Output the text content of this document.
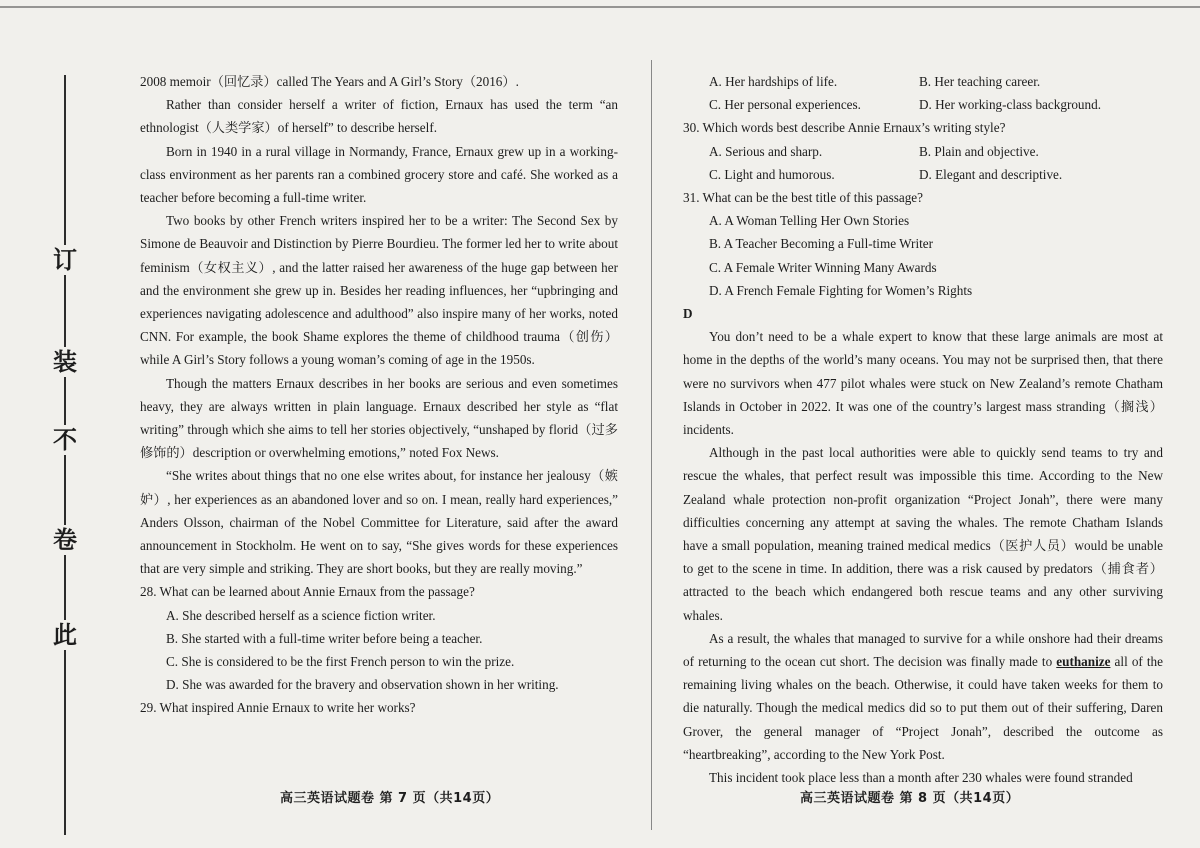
订
装
不
卷
此

2008 memoir（回忆录）called The Years and A Girl’s Story（2016）.

Rather than consider herself a writer of fiction, Ernaux has used the term “an ethnologist（人类学家）of herself” to describe herself.

Born in 1940 in a rural village in Normandy, France, Ernaux grew up in a working-class environment as her parents ran a combined grocery store and café. She worked as a teacher before becoming a full-time writer.

Two books by other French writers inspired her to be a writer: The Second Sex by Simone de Beauvoir and Distinction by Pierre Bourdieu. The former led her to write about feminism（女权主义）, and the latter raised her awareness of the huge gap between her and the environment she grew up in. Besides her reading influences, her “upbringing and experiences navigating adolescence and adulthood” also inspire many of her works, noted CNN. For example, the book Shame explores the theme of childhood trauma（创伤）while A Girl’s Story follows a young woman’s coming of age in the 1950s.

Though the matters Ernaux describes in her books are serious and even sometimes heavy, they are always written in plain language. Ernaux described her style as “flat writing” through which she aims to tell her stories objectively, “unshaped by florid（过多修饰的）description or overwhelming emotions,” noted Fox News.

“She writes about things that no one else writes about, for instance her jealousy（嫉妒）, her experiences as an abandoned lover and so on. I mean, really hard experiences,” Anders Olsson, chairman of the Nobel Committee for Literature, said after the award announcement in Stockholm. He went on to say, “She gives words for these experiences that are very simple and striking. They are short books, but they are really moving.”

28. What can be learned about Annie Ernaux from the passage?

A. She described herself as a science fiction writer.

B. She started with a full-time writer before being a teacher.

C. She is considered to be the first French person to win the prize.

D. She was awarded for the bravery and observation shown in her writing.

29. What inspired Annie Ernaux to write her works?

A. Her hardships of life.	B. Her teaching career.
C. Her personal experiences.	D. Her working-class background.

30. Which words best describe Annie Ernaux’s writing style?

A. Serious and sharp.	B. Plain and objective.
C. Light and humorous.	D. Elegant and descriptive.

31. What can be the best title of this passage?

A. A Woman Telling Her Own Stories

B. A Teacher Becoming a Full-time Writer

C. A Female Writer Winning Many Awards

D. A French Female Fighting for Women’s Rights

D

You don’t need to be a whale expert to know that these large animals are most at home in the depths of the world’s many oceans. You may not be surprised then, that there were no survivors when 477 pilot whales were stuck on New Zealand’s remote Chatham Islands in October in 2022. It was one of the country’s largest mass stranding（搁浅）incidents.

Although in the past local authorities were able to quickly send teams to try and rescue the whales, that perfect result was impossible this time. According to the New Zealand whale protection non-profit organization “Project Jonah”, there were many difficulties concerning any attempt at saving the whales. The remote Chatham Islands have a small population, meaning trained medical medics（医护人员）would be unable to get to the scene in time. In addition, there was a risk caused by predators（捕食者）attracted to the beach which endangered both rescue teams and any other surviving whales.

As a result, the whales that managed to survive for a while onshore had their dreams of returning to the ocean cut short. The decision was finally made to euthanize all of the remaining living whales on the beach. Otherwise, it could have taken weeks for them to die naturally. Though the medical medics did so to put them out of their suffering, Daren Grover, the general manager of “Project Jonah”, described the outcome as “heartbreaking”, according to the New York Post.

This incident took place less than a month after 230 whales were found stranded

高三英语试题卷 第 7 页（共14页）	高三英语试题卷 第 8 页（共14页）
